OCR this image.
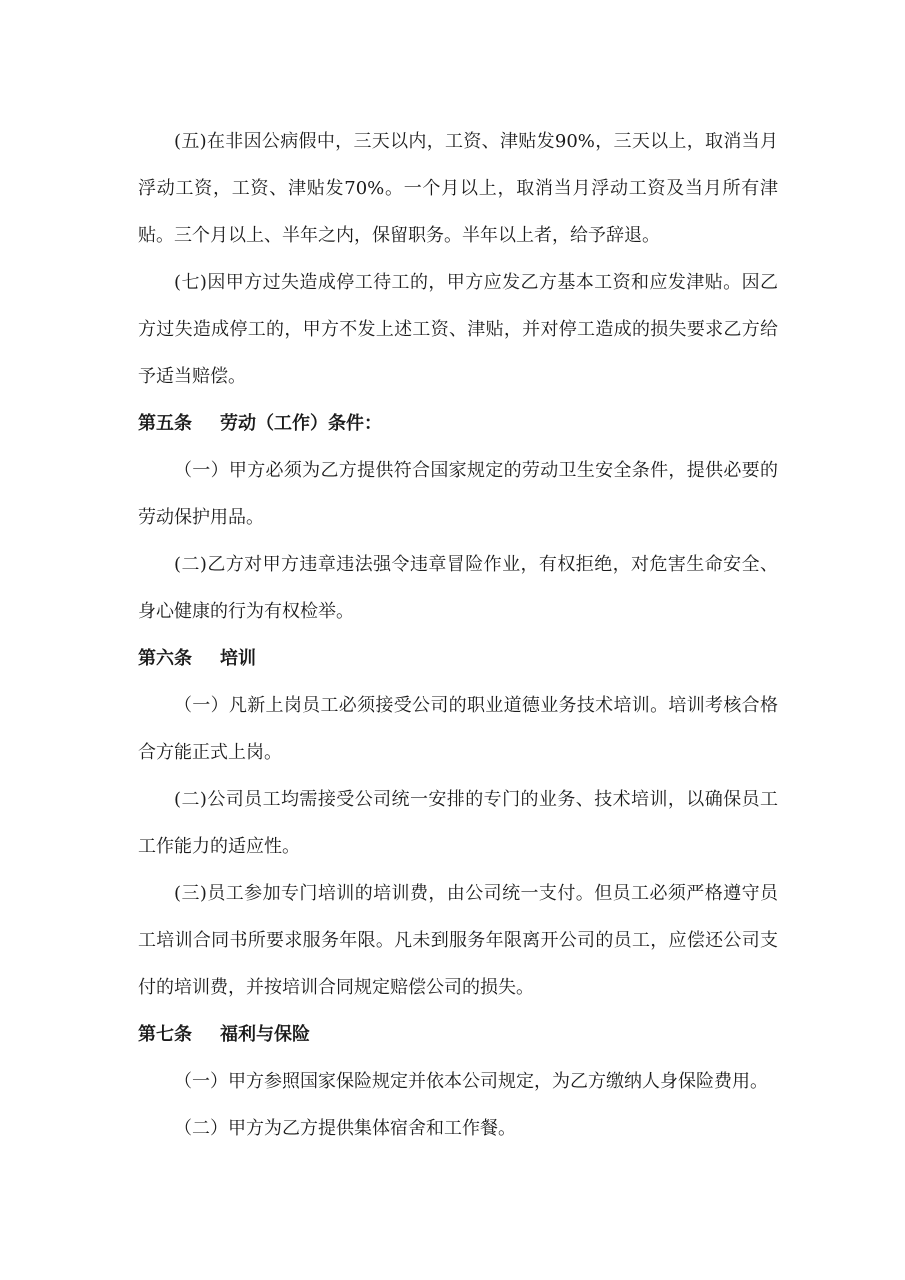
(五)在非因公病假中，三天以内，工资、津贴发90%，三天以上，取消当月浮动工资，工资、津贴发70%。一个月以上，取消当月浮动工资及当月所有津贴。三个月以上、半年之内，保留职务。半年以上者，给予辞退。

(七)因甲方过失造成停工待工的，甲方应发乙方基本工资和应发津贴。因乙方过失造成停工的，甲方不发上述工资、津贴，并对停工造成的损失要求乙方给予适当赔偿。

第五条	劳动（工作）条件：

（一）甲方必须为乙方提供符合国家规定的劳动卫生安全条件，提供必要的劳动保护用品。

(二)乙方对甲方违章违法强令违章冒险作业，有权拒绝，对危害生命安全、身心健康的行为有权检举。

第六条	培训

（一）凡新上岗员工必须接受公司的职业道德业务技术培训。培训考核合格合方能正式上岗。

(二)公司员工均需接受公司统一安排的专门的业务、技术培训，以确保员工工作能力的适应性。

(三)员工参加专门培训的培训费，由公司统一支付。但员工必须严格遵守员工培训合同书所要求服务年限。凡未到服务年限离开公司的员工，应偿还公司支付的培训费，并按培训合同规定赔偿公司的损失。

第七条	福利与保险

（一）甲方参照国家保险规定并依本公司规定，为乙方缴纳人身保险费用。

（二）甲方为乙方提供集体宿舍和工作餐。
